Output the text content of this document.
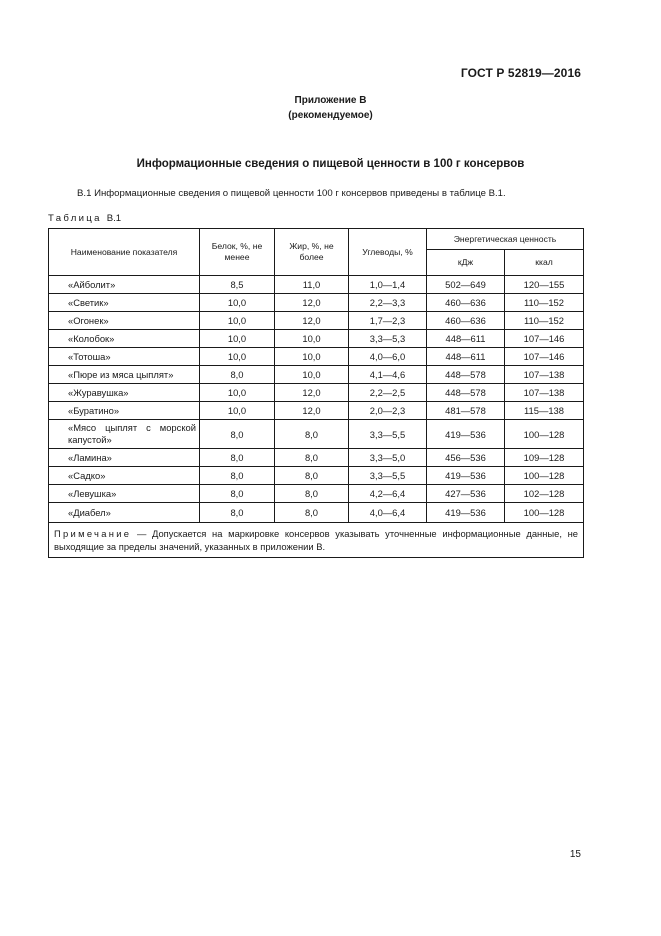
ГОСТ Р 52819—2016
Приложение В
(рекомендуемое)
Информационные сведения о пищевой ценности в 100 г консервов
В.1 Информационные сведения о пищевой ценности 100 г консервов приведены в таблице В.1.
Таблица В.1
Наименование показателя	Белок, %, не менее	Жир, %, не более	Углеводы, %	Энергетическая ценность	
				кДж	ккал
«Айболит»	8,5	11,0	1,0—1,4	502—649	120—155
«Светик»	10,0	12,0	2,2—3,3	460—636	110—152
«Огонек»	10,0	12,0	1,7—2,3	460—636	110—152
«Колобок»	10,0	10,0	3,3—5,3	448—611	107—146
«Тотоша»	10,0	10,0	4,0—6,0	448—611	107—146
«Пюре из мяса цыплят»	8,0	10,0	4,1—4,6	448—578	107—138
«Журавушка»	10,0	12,0	2,2—2,5	448—578	107—138
«Буратино»	10,0	12,0	2,0—2,3	481—578	115—138
«Мясо цыплят с морской капустой»	8,0	8,0	3,3—5,5	419—536	100—128
«Ламина»	8,0	8,0	3,3—5,0	456—536	109—128
«Садко»	8,0	8,0	3,3—5,5	419—536	100—128
«Левушка»	8,0	8,0	4,2—6,4	427—536	102—128
«Диабел»	8,0	8,0	4,0—6,4	419—536	100—128
Примечание — Допускается на маркировке консервов указывать уточненные информационные данные, не выходящие за пределы значений, указанных в приложении В.					
15
